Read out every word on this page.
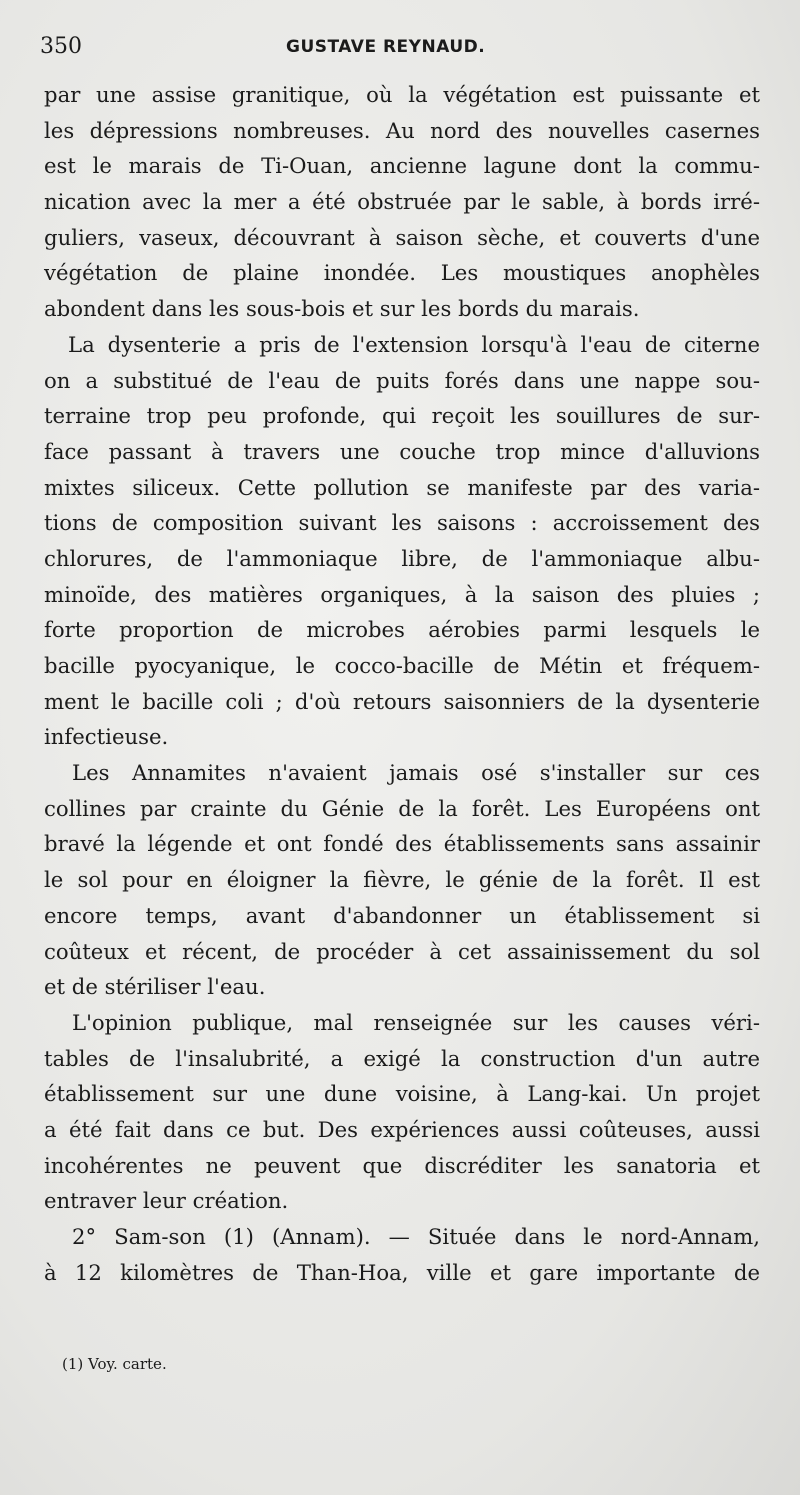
350	GUSTAVE REYNAUD.
par une assise granitique, où la végétation est puissante et
les dépressions nombreuses. Au nord des nouvelles casernes
est le marais de Ti-Ouan, ancienne lagune dont la commu-
nication avec la mer a été obstruée par le sable, à bords irré-
guliers, vaseux, découvrant à saison sèche, et couverts d'une
végétation de plaine inondée. Les moustiques anophèles
abondent dans les sous-bois et sur les bords du marais.
La dysenterie a pris de l'extension lorsqu'à l'eau de citerne
on a substitué de l'eau de puits forés dans une nappe sou-
terraine trop peu profonde, qui reçoit les souillures de sur-
face passant à travers une couche trop mince d'alluvions
mixtes siliceux. Cette pollution se manifeste par des varia-
tions de composition suivant les saisons : accroissement des
chlorures, de l'ammoniaque libre, de l'ammoniaque albu-
minoïde, des matières organiques, à la saison des pluies ;
forte proportion de microbes aérobies parmi lesquels le
bacille pyocyanique, le cocco-bacille de Métin et fréquem-
ment le bacille coli ; d'où retours saisonniers de la dysenterie
infectieuse.
Les Annamites n'avaient jamais osé s'installer sur ces
collines par crainte du Génie de la forêt. Les Européens ont
bravé la légende et ont fondé des établissements sans assainir
le sol pour en éloigner la fièvre, le génie de la forêt. Il est
encore temps, avant d'abandonner un établissement si
coûteux et récent, de procéder à cet assainissement du sol
et de stériliser l'eau.
L'opinion publique, mal renseignée sur les causes véri-
tables de l'insalubrité, a exigé la construction d'un autre
établissement sur une dune voisine, à Lang-kai. Un projet
a été fait dans ce but. Des expériences aussi coûteuses, aussi
incohérentes ne peuvent que discréditer les sanatoria et
entraver leur création.
2° Sam-son (1) (Annam). — Située dans le nord-Annam,
à 12 kilomètres de Than-Hoa, ville et gare importante de
(1) Voy. carte.
